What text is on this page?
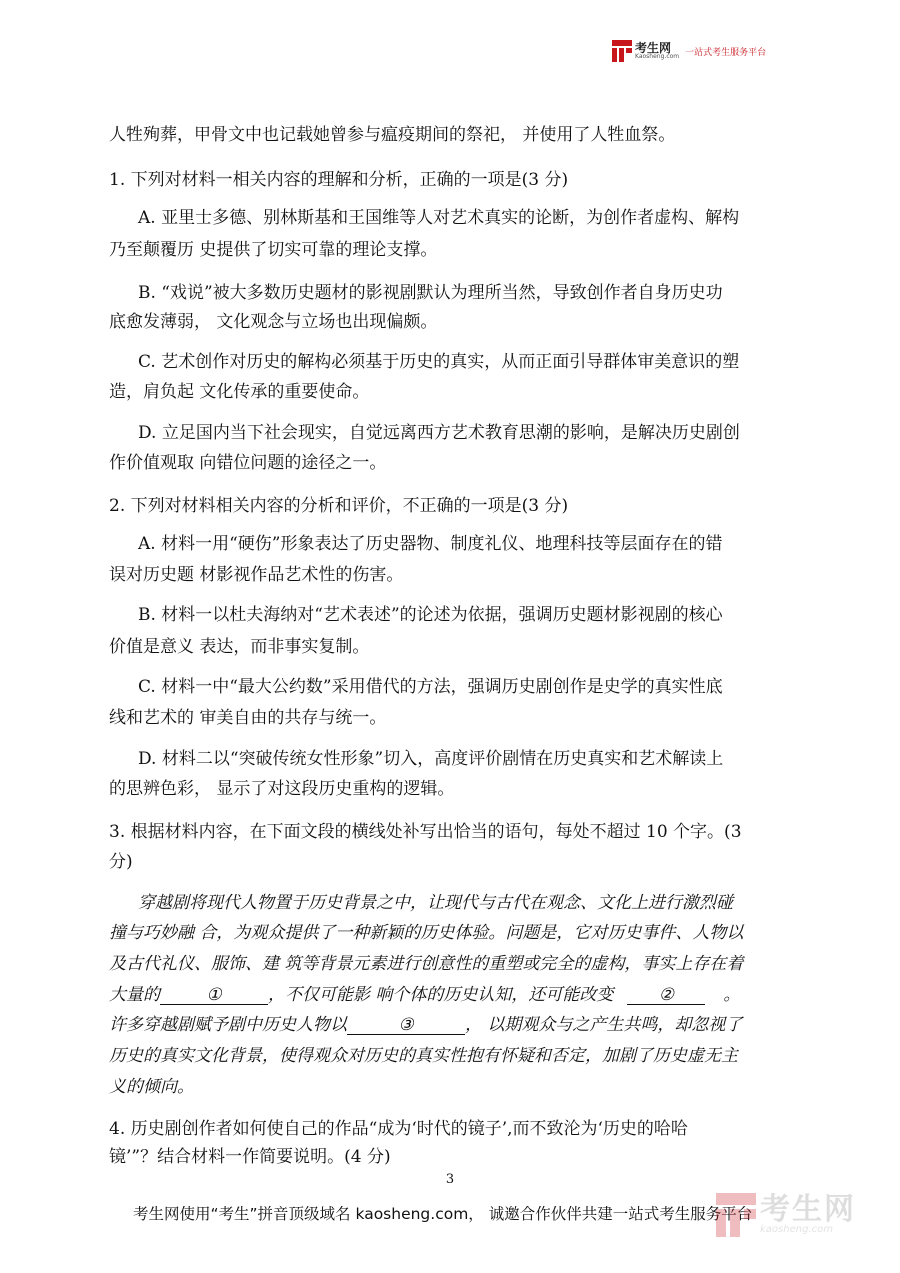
考生网
Kaosheng.com 一站式考生服务平台
人牲殉葬，甲骨文中也记载她曾参与瘟疫期间的祭祀， 并使用了人牲血祭。
1. 下列对材料一相关内容的理解和分析，正确的一项是(3 分)
A. 亚里士多德、别林斯基和王国维等人对艺术真实的论断，为创作者虚构、解构
乃至颠覆历 史提供了切实可靠的理论支撑。
B. “戏说”被大多数历史题材的影视剧默认为理所当然，导致创作者自身历史功
底愈发薄弱， 文化观念与立场也出现偏颇。
C. 艺术创作对历史的解构必须基于历史的真实，从而正面引导群体审美意识的塑
造，肩负起 文化传承的重要使命。
D. 立足国内当下社会现实，自觉远离西方艺术教育思潮的影响，是解决历史剧创
作价值观取 向错位问题的途径之一。
2. 下列对材料相关内容的分析和评价，不正确的一项是(3 分)
A. 材料一用“硬伤”形象表达了历史器物、制度礼仪、地理科技等层面存在的错
误对历史题 材影视作品艺术性的伤害。
B. 材料一以杜夫海纳对“艺术表述”的论述为依据，强调历史题材影视剧的核心
价值是意义 表达，而非事实复制。
C. 材料一中“最大公约数”采用借代的方法，强调历史剧创作是史学的真实性底
线和艺术的 审美自由的共存与统一。
D. 材料二以“突破传统女性形象”切入，高度评价剧情在历史真实和艺术解读上
的思辨色彩， 显示了对这段历史重构的逻辑。
3. 根据材料内容，在下面文段的横线处补写出恰当的语句，每处不超过 10 个字。(3
分)
穿越剧将现代人物置于历史背景之中，让现代与古代在观念、文化上进行激烈碰
撞与巧妙融 合，为观众提供了一种新颖的历史体验。问题是，它对历史事件、人物以
及古代礼仪、服饰、建 筑等背景元素进行创意性的重塑或完全的虚构，事实上存在着
大量的	①	，不仅可能影 响个体的历史认知，还可能改变	②	。
许多穿越剧赋予剧中历史人物以	③	， 以期观众与之产生共鸣，却忽视了
历史的真实文化背景，使得观众对历史的真实性抱有怀疑和否定，加剧了历史虚无主
义的倾向。
4. 历史剧创作者如何使自己的作品“成为‘时代的镜子’,而不致沦为‘历史的哈哈
镜’”？结合材料一作简要说明。(4 分)
3
考生网使用“考生”拼音顶级域名 kaosheng.com， 诚邀合作伙伴共建一站式考生服务平台 考生网
kaosheng.com
